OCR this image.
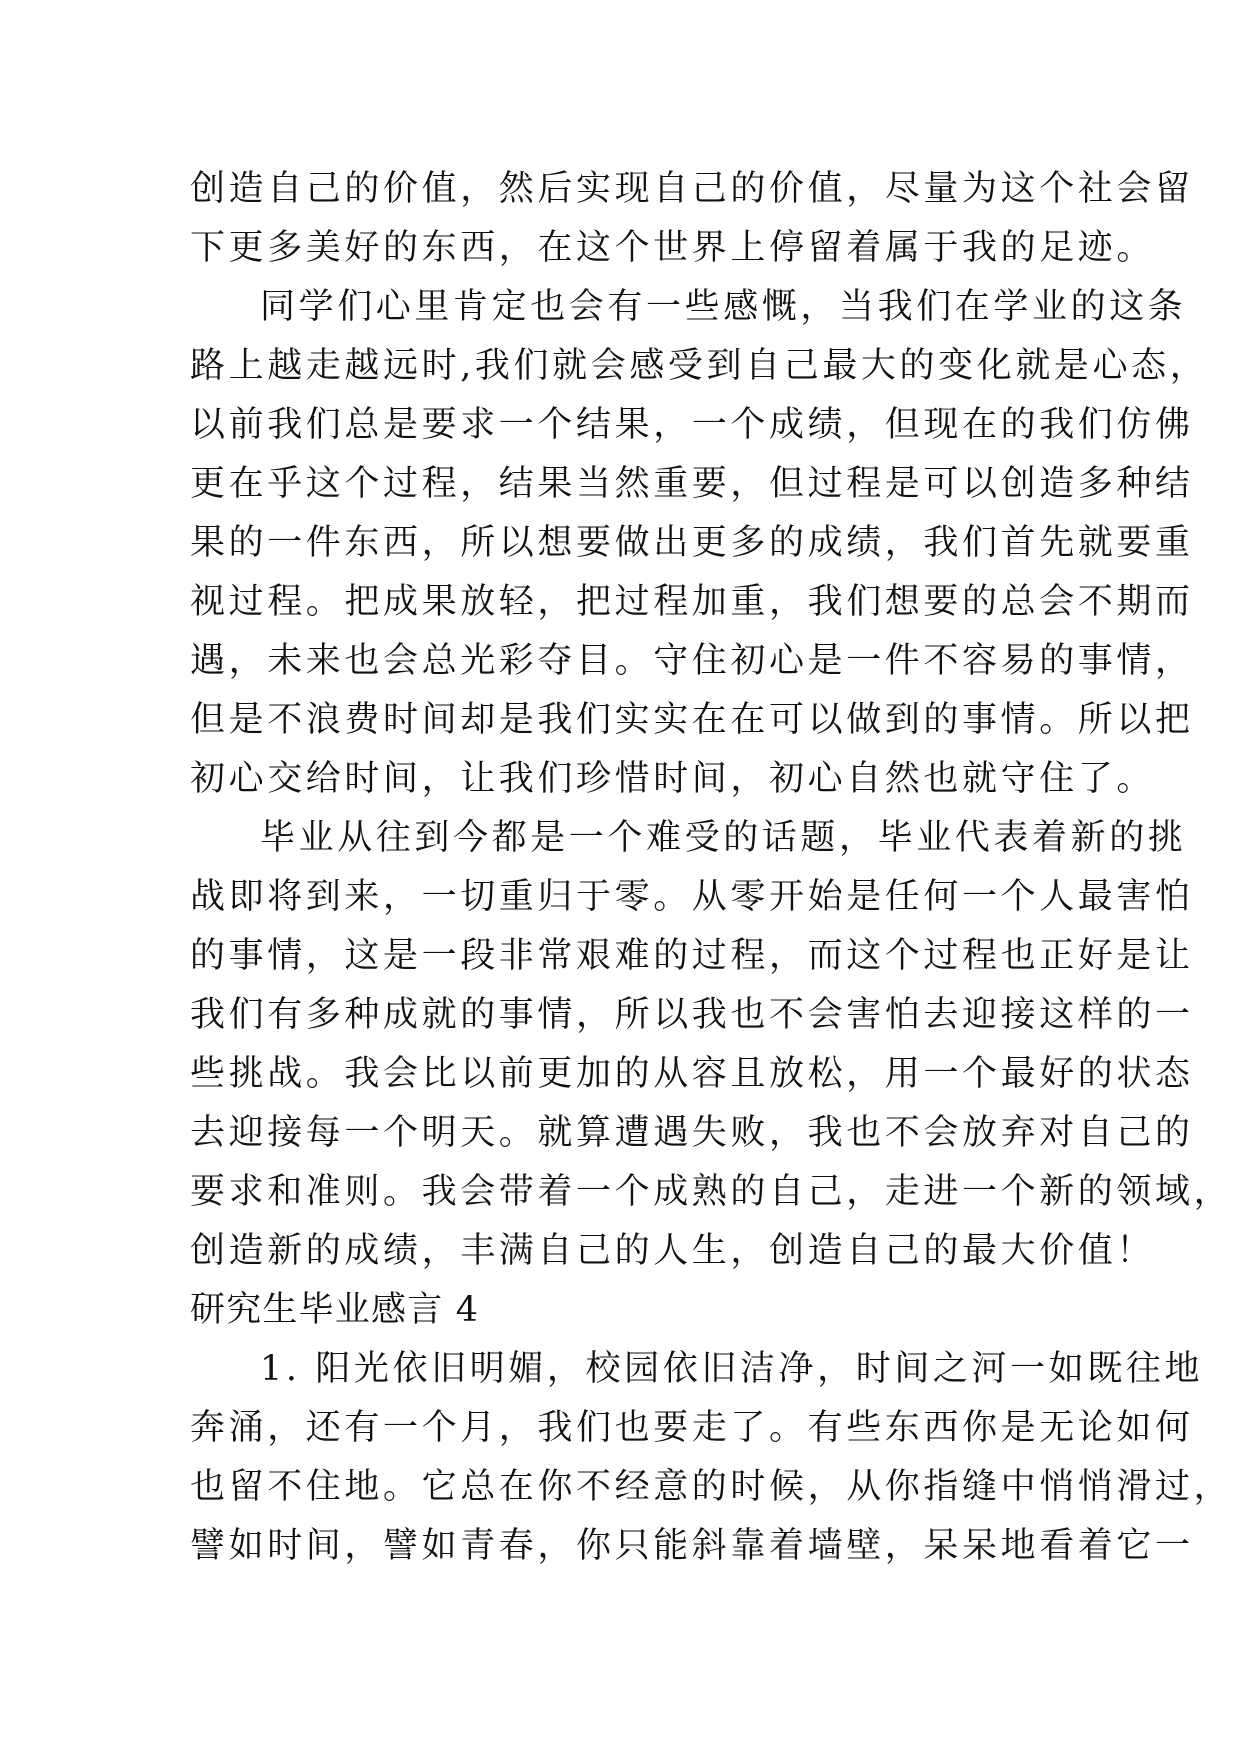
创造自己的价值，然后实现自己的价值，尽量为这个社会留
下更多美好的东西，在这个世界上停留着属于我的足迹。
同学们心里肯定也会有一些感慨，当我们在学业的这条
路上越走越远时,我们就会感受到自己最大的变化就是心态，
以前我们总是要求一个结果，一个成绩，但现在的我们仿佛
更在乎这个过程，结果当然重要，但过程是可以创造多种结
果的一件东西，所以想要做出更多的成绩，我们首先就要重
视过程。把成果放轻，把过程加重，我们想要的总会不期而
遇，未来也会总光彩夺目。守住初心是一件不容易的事情，
但是不浪费时间却是我们实实在在可以做到的事情。所以把
初心交给时间，让我们珍惜时间，初心自然也就守住了。
毕业从往到今都是一个难受的话题，毕业代表着新的挑
战即将到来，一切重归于零。从零开始是任何一个人最害怕
的事情，这是一段非常艰难的过程，而这个过程也正好是让
我们有多种成就的事情，所以我也不会害怕去迎接这样的一
些挑战。我会比以前更加的从容且放松，用一个最好的状态
去迎接每一个明天。就算遭遇失败，我也不会放弃对自己的
要求和准则。我会带着一个成熟的自己，走进一个新的领域，
创造新的成绩，丰满自己的人生，创造自己的最大价值！
研究生毕业感言 4
1. 阳光依旧明媚，校园依旧洁净，时间之河一如既往地
奔涌，还有一个月，我们也要走了。有些东西你是无论如何
也留不住地。它总在你不经意的时候，从你指缝中悄悄滑过，
譬如时间，譬如青春，你只能斜靠着墙壁，呆呆地看着它一
